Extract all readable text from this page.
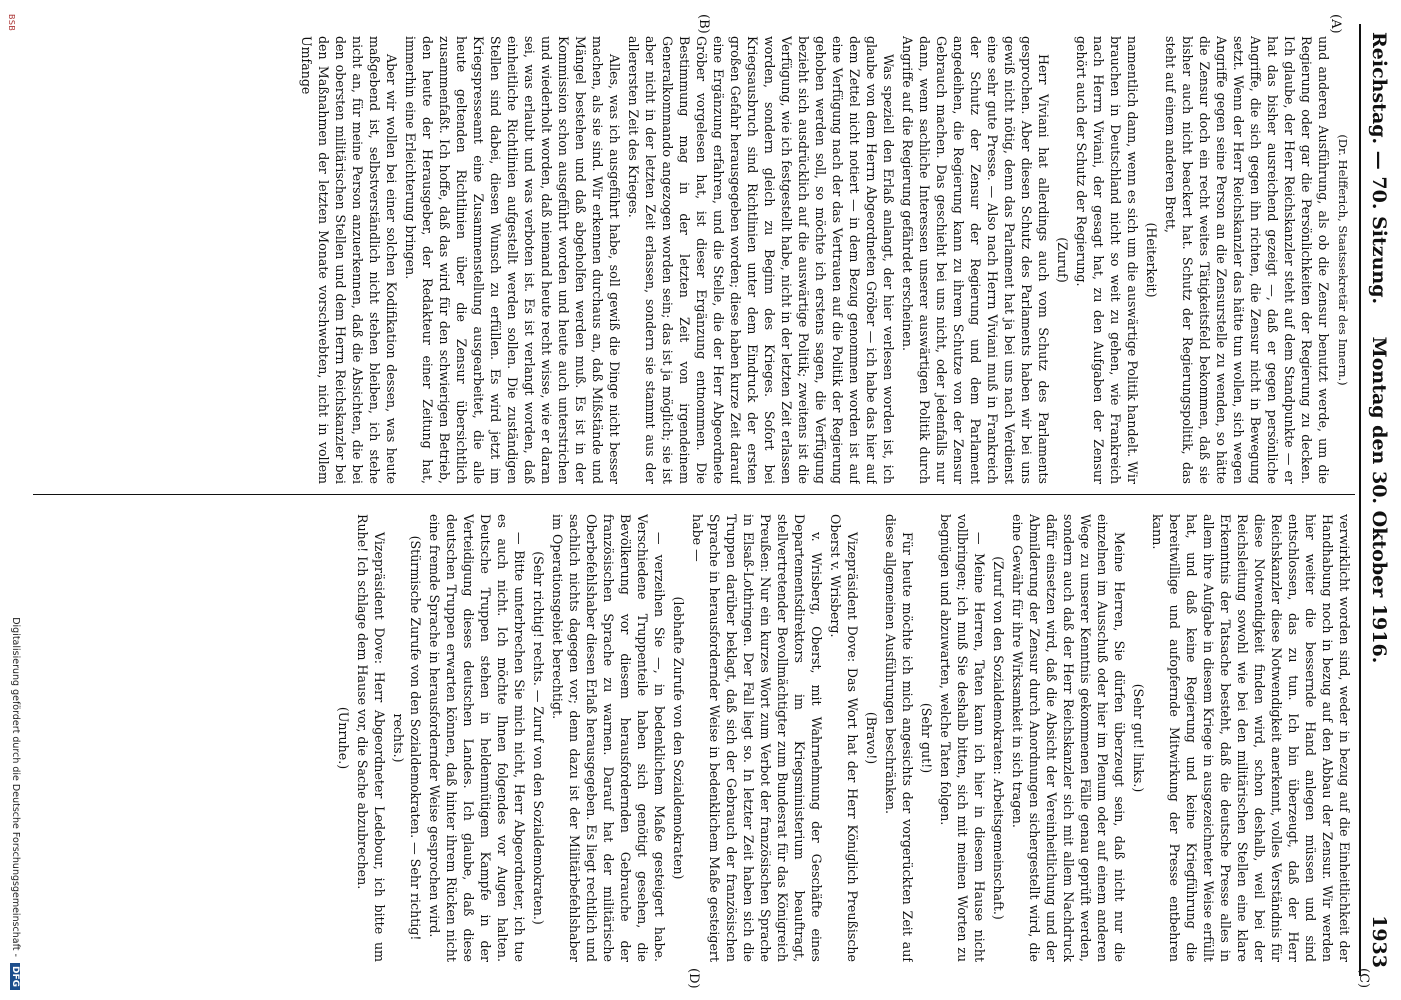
Reichstag. — 70. Sitzung.
Montag den 30. Oktober 1916.
1933
(A)
(B)
(C)
(D)

(Dr. Helfferich, Staatssekretär des Innern.)

und anderen Ausführung, als ob die Zensur benutzt werde, um die Regierung oder gar die Persönlichkeiten der Regierung zu decken. Ich glaube, der Herr Reichskanzler steht auf dem Standpunkte — er hat das bisher ausreichend gezeigt —, daß er gegen persönliche Angriffe, die sich gegen ihn richten, die Zensur nicht in Bewegung setzt. Wenn der Herr Reichskanzler das hätte tun wollen, sich wegen Angriffe gegen seine Person an die Zensurstelle zu wenden, so hätte die Zensur doch ein recht weites Tätigkeitsfeld bekommen, daß sie bisher auch nicht beackert hat. Schutz der Regierungspolitik, das steht auf einem anderen Brett,

(Heiterkeit)

namentlich dann, wenn es sich um die auswärtige Politik handelt. Wir brauchen in Deutschland nicht so weit zu gehen, wie Frankreich nach Herrn Viviani, der gesagt hat, zu den Aufgaben der Zensur gehört auch der Schutz der Regierung.

(Zuruf)

Herr Viviani hat allerdings auch vom Schutz des Parlaments gesprochen. Aber diesen Schutz des Parlaments haben wir bei uns gewiß nicht nötig, denn das Parlament hat ja bei uns nach Verdienst eine sehr gute Presse. — Also nach Herrn Viviani muß in Frankreich der Schutz der Zensur der Regierung und dem Parlament angedeihen, die Regierung kann zu ihrem Schutze von der Zensur Gebrauch machen. Das geschieht bei uns nicht, oder jedenfalls nur dann, wenn sachliche Interessen unserer auswärtigen Politik durch Angriffe auf die Regierung gefährdet erscheinen.

Was speziell den Erlaß anlangt, der hier verlesen worden ist, ich glaube von dem Herrn Abgeordneten Gröber — ich habe das hier auf dem Zettel nicht notiert — in dem Bezug genommen worden ist auf eine Verfügung nach der das Vertrauen auf die Politik der Regierung gehoben werden soll, so möchte ich erstens sagen, die Verfügung bezieht sich ausdrücklich auf die auswärtige Politik; zweitens ist die Verfügung, wie ich festgestellt habe, nicht in der letzten Zeit erlassen worden, sondern gleich zu Beginn des Krieges. Sofort bei Kriegsausbruch sind Richtlinien unter dem Eindruck der ersten großen Gefahr herausgegeben worden; diese haben kurze Zeit darauf eine Ergänzung erfahren, und die Stelle, die der Herr Abgeordnete Gröber vorgelesen hat, ist dieser Ergänzung entnommen. Die Bestimmung mag in der letzten Zeit von irgendeinem Generalkommando angezogen worden sein; das ist ja möglich; sie ist aber nicht in der letzten Zeit erlassen, sondern sie stammt aus der allerersten Zeit des Krieges.

Alles, was ich ausgeführt habe, soll gewiß die Dinge nicht besser machen, als sie sind. Wir erkennen durchaus an, daß Mißstände und Mängel bestehen und daß abgeholfen werden muß. Es ist in der Kommission schon ausgeführt worden und heute auch unterstrichen und wiederholt worden, daß niemand heute recht wisse, wie er daran sei, was erlaubt und was verboten ist. Es ist verlangt worden, daß einheitliche Richtlinien aufgestellt werden sollen. Die zuständigen Stellen sind dabei, diesen Wunsch zu erfüllen. Es wird jetzt im Kriegspresseamt eine Zusammenstellung ausgearbeitet, die alle heute geltenden Richtlinien über die Zensur übersichtlich zusammenfaßt. Ich hoffe, daß das wird für den schwierigen Betrieb, den heute der Herausgeber, der Redakteur einer Zeitung hat, immerhin eine Erleichterung bringen.

Aber wir wollen bei einer solchen Kodifikation dessen, was heute maßgebend ist, selbstverständlich nicht stehen bleiben, ich stehe nicht an, für meine Person anzuerkennen, daß die Absichten, die bei den obersten militärischen Stellen und dem Herrn Reichskanzler bei den Maßnahmen der letzten Monate vorschwebten, nicht in vollem Umfange

verwirklicht worden sind, weder in bezug auf die Einheitlichkeit der Handhabung noch in bezug auf den Abbau der Zensur. Wir werden hier weiter die bessernde Hand anlegen müssen und sind entschlossen, das zu tun. Ich bin überzeugt, daß der Herr Reichskanzler diese Notwendigkeit anerkennt, volles Verständnis für diese Notwendigkeit finden wird, schon deshalb, weil bei der Reichsleitung sowohl wie bei den militärischen Stellen eine klare Erkenntnis der Tatsache besteht, daß die deutsche Presse alles in allem ihre Aufgabe in diesem Kriege in ausgezeichneter Weise erfüllt hat, und daß keine Regierung und keine Kriegführung die bereitwillige und aufopfernde Mitwirkung der Presse entbehren kann.

(Sehr gut! links.)

Meine Herren, Sie dürfen überzeugt sein, daß nicht nur die einzelnen im Ausschuß oder hier im Plenum oder auf einem anderen Wege zu unserer Kenntnis gekommenen Fälle genau geprüft werden, sondern auch daß der Herr Reichskanzler sich mit allem Nachdruck dafür einsetzen wird, daß die Absicht der Vereinheitlichung und der Abmilderung der Zensur durch Anordnungen sichergestellt wird, die eine Gewähr für ihre Wirksamkeit in sich tragen.

(Zuruf von den Sozialdemokraten: Arbeitsgemeinschaft.)

— Meine Herren, Taten kann ich hier in diesem Hause nicht vollbringen; ich muß Sie deshalb bitten, sich mit meinen Worten zu begnügen und abzuwarten, welche Taten folgen.

(Sehr gut!)

Für heute möchte ich mich angesichts der vorgerückten Zeit auf diese allgemeinen Ausführungen beschränken.

(Bravo!)

Vizepräsident Dove: Das Wort hat der Herr Königlich Preußische Oberst v. Wrisberg.

v. Wrisberg, Oberst, mit Wahrnehmung der Geschäfte eines Departementsdirektors im Kriegsministerium beauftragt, stellvertretender Bevollmächtigter zum Bundesrat für das Königreich Preußen: Nur ein kurzes Wort zum Verbot der französischen Sprache in Elsaß-Lothringen. Der Fall liegt so. In letzter Zeit haben sich die Truppen darüber beklagt, daß sich der Gebrauch der französischen Sprache in herausfordernder Weise in bedenklichem Maße gesteigert habe —

(lebhafte Zurufe von den Sozialdemokraten)

— verzeihen Sie —, in bedenklichem Maße gesteigert habe. Verschiedene Truppenteile haben sich genötigt gesehen, die Bevölkerung vor diesem herausfordernden Gebrauche der französischen Sprache zu warnen. Darauf hat der militärische Oberbefehlshaber diesen Erlaß herausgegeben. Es liegt rechtlich und sachlich nichts dagegen vor; denn dazu ist der Militärbefehlshaber im Operationsgebiet berechtigt.

(Sehr richtig! rechts. — Zuruf von den Sozialdemokraten.)

— Bitte unterbrechen Sie mich nicht, Herr Abgeordneter, ich tue es auch nicht. Ich möchte Ihnen folgendes vor Augen halten. Deutsche Truppen stehen in heldenmütigem Kampfe in der Verteidigung dieses deutschen Landes. Ich glaube, daß diese deutschen Truppen erwarten können, daß hinter ihrem Rücken nicht eine fremde Sprache in herausfordernder Weise gesprochen wird.

(Stürmische Zurufe von den Sozialdemokraten. — Sehr richtig! rechts.)

Vizepräsident Dove: Herr Abgeordneter Ledebour, ich bitte um Ruhe! Ich schlage dem Hause vor, die Sache abzubrechen.

(Unruhe.)

Digitalisierung gefördert durch die Deutsche Forschungsgemeinschaft - DFG
BSB
